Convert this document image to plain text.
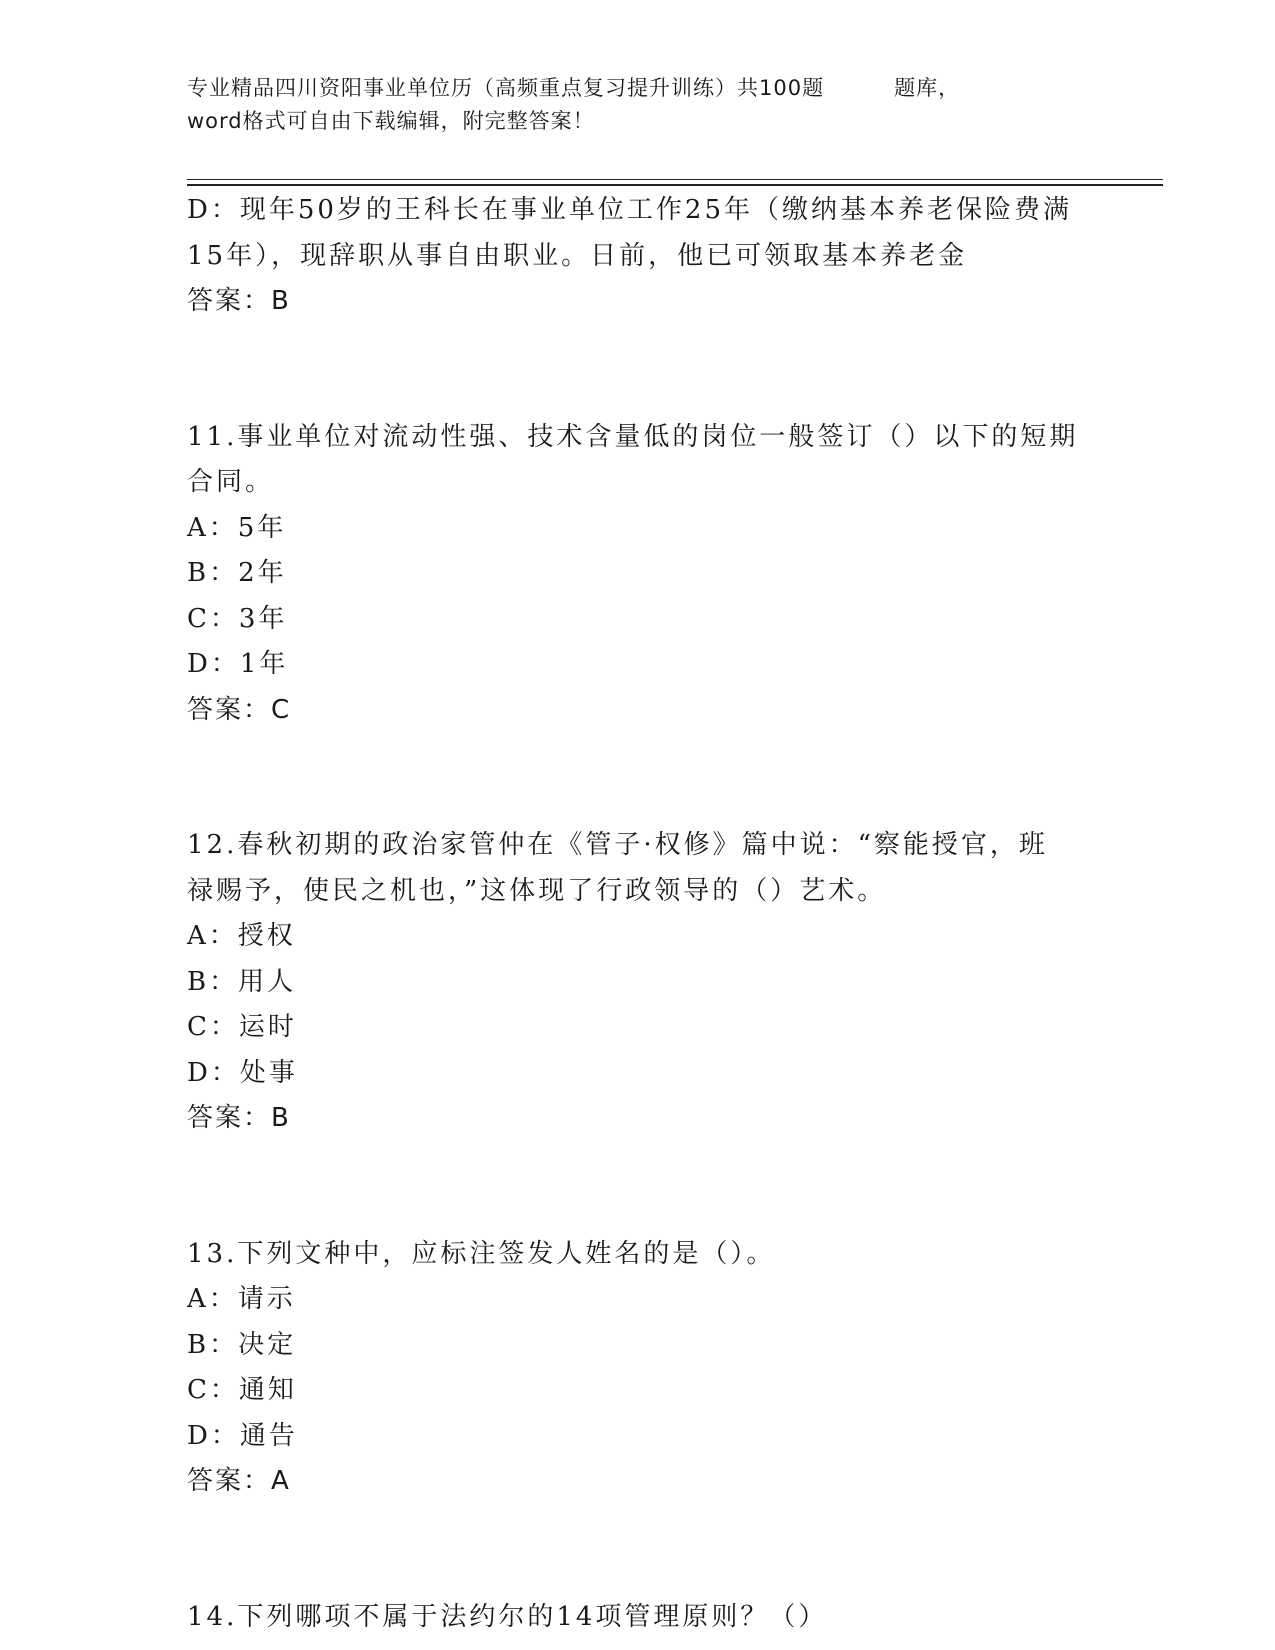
专业精品四川资阳事业单位历（高频重点复习提升训练）共100题	题库，
word格式可自由下载编辑，附完整答案！
D：现年50岁的王科长在事业单位工作25年（缴纳基本养老保险费满
15年），现辞职从事自由职业。日前，他已可领取基本养老金
答案：B
11.事业单位对流动性强、技术含量低的岗位一般签订（）以下的短期
合同。
A：5年
B：2年
C：3年
D：1年
答案：C
12.春秋初期的政治家管仲在《管子·权修》篇中说：“察能授官，班
禄赐予，使民之机也，”这体现了行政领导的（）艺术。
A：授权
B：用人
C：运时
D：处事
答案：B
13.下列文种中，应标注签发人姓名的是（）。
A：请示
B：决定
C：通知
D：通告
答案：A
14.下列哪项不属于法约尔的14项管理原则？（）
